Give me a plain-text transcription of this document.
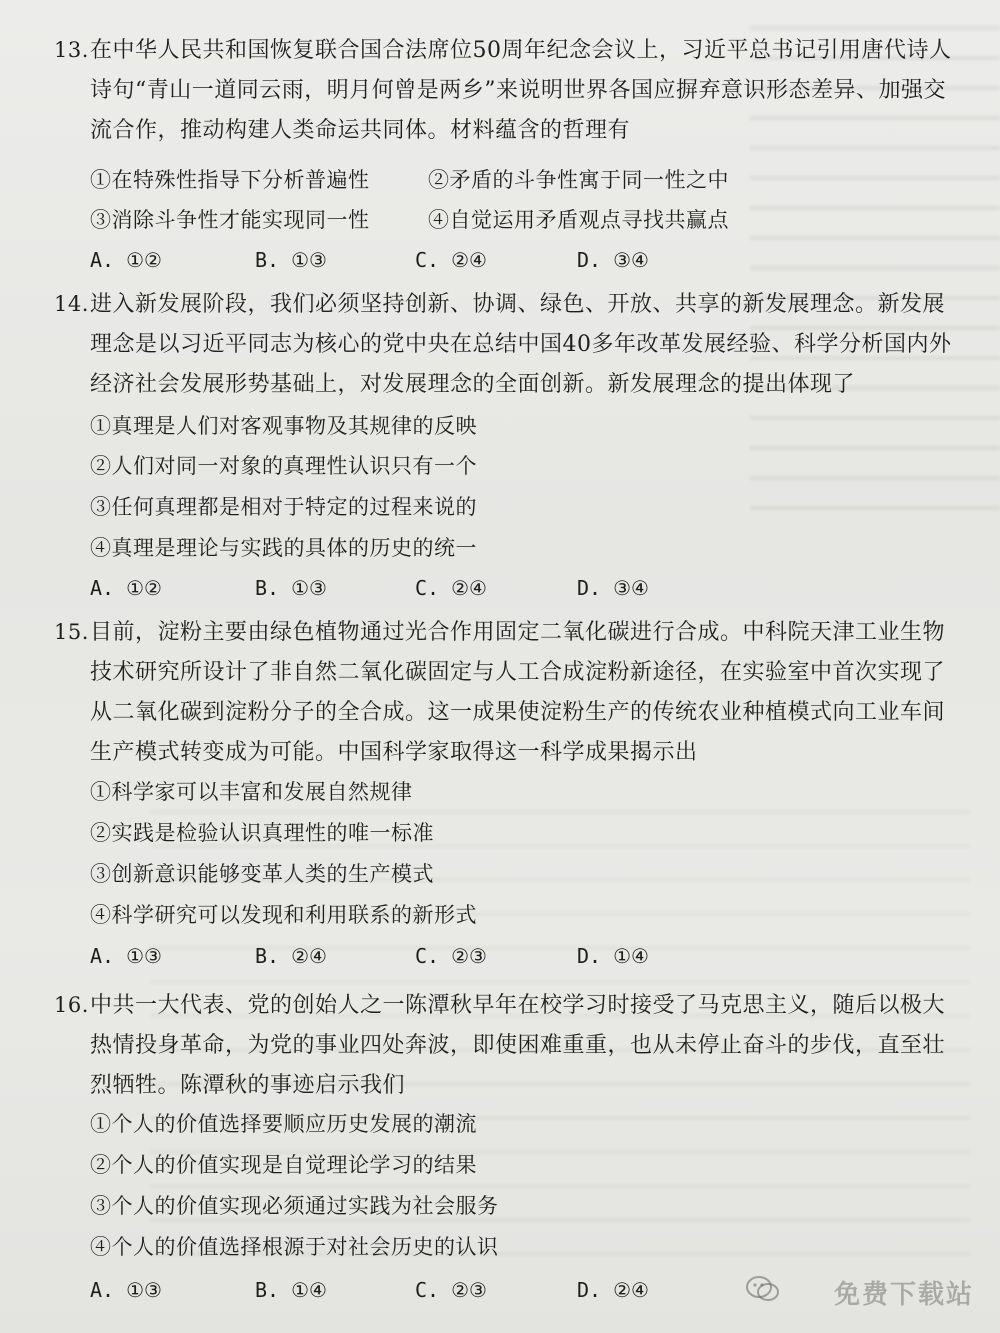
13.在中华人民共和国恢复联合国合法席位50周年纪念会议上，习近平总书记引用唐代诗人诗句“青山一道同云雨，明月何曾是两乡”来说明世界各国应摒弃意识形态差异、加强交流合作，推动构建人类命运共同体。材料蕴含的哲理有

①在特殊性指导下分析普遍性	②矛盾的斗争性寓于同一性之中
③消除斗争性才能实现同一性	④自觉运用矛盾观点寻找共赢点
A. ①②	B. ①③	C. ②④	D. ③④

14.进入新发展阶段，我们必须坚持创新、协调、绿色、开放、共享的新发展理念。新发展理念是以习近平同志为核心的党中央在总结中国40多年改革发展经验、科学分析国内外经济社会发展形势基础上，对发展理念的全面创新。新发展理念的提出体现了

①真理是人们对客观事物及其规律的反映
②人们对同一对象的真理性认识只有一个
③任何真理都是相对于特定的过程来说的
④真理是理论与实践的具体的历史的统一
A. ①②	B. ①③	C. ②④	D. ③④

15.目前，淀粉主要由绿色植物通过光合作用固定二氧化碳进行合成。中科院天津工业生物技术研究所设计了非自然二氧化碳固定与人工合成淀粉新途径，在实验室中首次实现了从二氧化碳到淀粉分子的全合成。这一成果使淀粉生产的传统农业种植模式向工业车间生产模式转变成为可能。中国科学家取得这一科学成果揭示出

①科学家可以丰富和发展自然规律
②实践是检验认识真理性的唯一标准
③创新意识能够变革人类的生产模式
④科学研究可以发现和利用联系的新形式
A. ①③	B. ②④	C. ②③	D. ①④

16.中共一大代表、党的创始人之一陈潭秋早年在校学习时接受了马克思主义，随后以极大热情投身革命，为党的事业四处奔波，即使困难重重，也从未停止奋斗的步伐，直至壮烈牺牲。陈潭秋的事迹启示我们

①个人的价值选择要顺应历史发展的潮流
②个人的价值实现是自觉理论学习的结果
③个人的价值实现必须通过实践为社会服务
④个人的价值选择根源于对社会历史的认识
A. ①③	B. ①④	C. ②③	D. ②④	免费下载站
